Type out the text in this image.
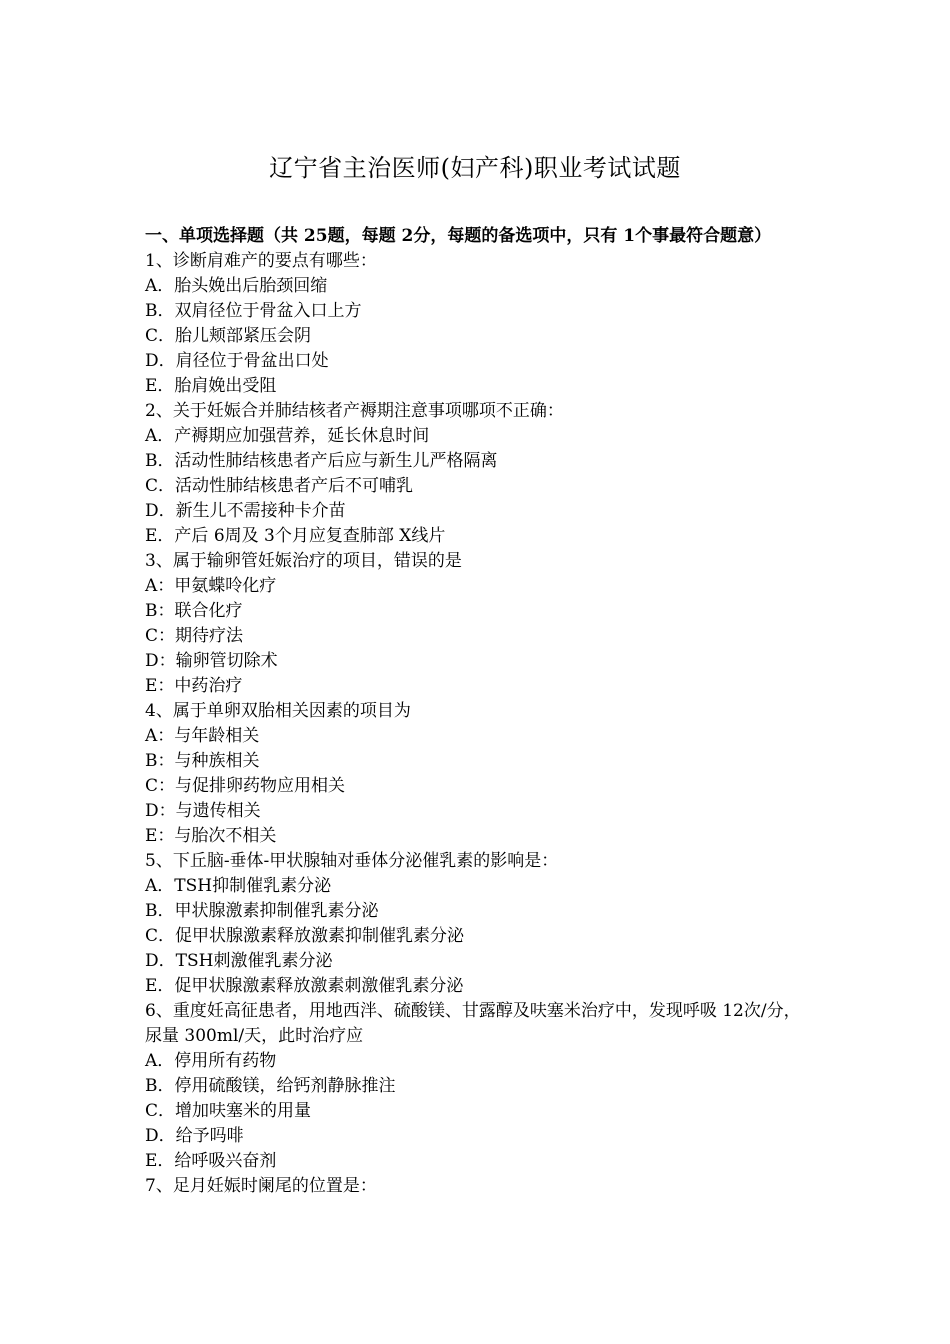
辽宁省主治医师(妇产科)职业考试试题

一、单项选择题（共 25题，每题 2分，每题的备选项中，只有 1个事最符合题意）

1、诊断肩难产的要点有哪些：

A．胎头娩出后胎颈回缩

B．双肩径位于骨盆入口上方

C．胎儿颊部紧压会阴

D．肩径位于骨盆出口处

E．胎肩娩出受阻

2、关于妊娠合并肺结核者产褥期注意事项哪项不正确：

A．产褥期应加强营养，延长休息时间

B．活动性肺结核患者产后应与新生儿严格隔离

C．活动性肺结核患者产后不可哺乳

D．新生儿不需接种卡介苗

E．产后 6周及 3个月应复查肺部 X线片

3、属于输卵管妊娠治疗的项目，错误的是

A：甲氨蝶呤化疗

B：联合化疗

C：期待疗法

D：输卵管切除术

E：中药治疗

4、属于单卵双胎相关因素的项目为

A：与年龄相关

B：与种族相关

C：与促排卵药物应用相关

D：与遗传相关

E：与胎次不相关

5、下丘脑-垂体-甲状腺轴对垂体分泌催乳素的影响是：

A．TSH抑制催乳素分泌

B．甲状腺激素抑制催乳素分泌

C．促甲状腺激素释放激素抑制催乳素分泌

D．TSH刺激催乳素分泌

E．促甲状腺激素释放激素刺激催乳素分泌

6、重度妊高征患者，用地西泮、硫酸镁、甘露醇及呋塞米治疗中，发现呼吸 12次/分，尿量 300ml/天，此时治疗应

A．停用所有药物

B．停用硫酸镁，给钙剂静脉推注

C．增加呋塞米的用量

D．给予吗啡

E．给呼吸兴奋剂

7、足月妊娠时阑尾的位置是：
